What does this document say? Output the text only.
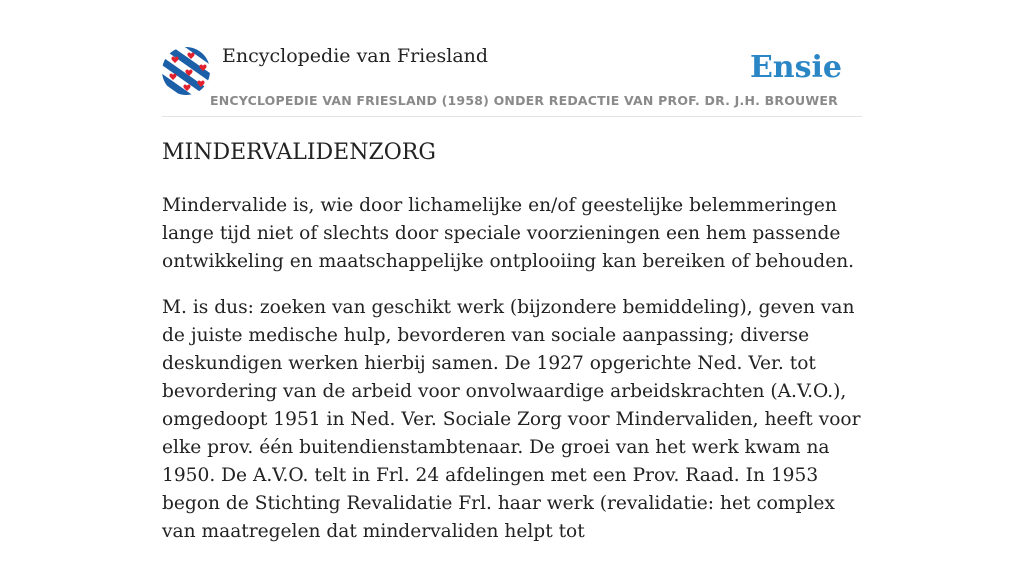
Encyclopedie van Friesland
ENCYCLOPEDIE VAN FRIESLAND (1958) ONDER REDACTIE VAN PROF. DR. J.H. BROUWER
Ensie
MINDERVALIDENZORG

Mindervalide is, wie door lichamelijke en/of geestelijke belemmeringen lange tijd niet of slechts door speciale voorzieningen een hem passende ontwikkeling en maatschappelijke ontplooiing kan bereiken of behouden.

M. is dus: zoeken van geschikt werk (bijzondere bemiddeling), geven van de juiste medische hulp, bevorderen van sociale aanpassing; diverse deskundigen werken hierbij samen. De 1927 opgerichte Ned. Ver. tot bevordering van de arbeid voor onvolwaardige arbeidskrachten (A.V.O.), omgedoopt 1951 in Ned. Ver. Sociale Zorg voor Mindervaliden, heeft voor elke prov. één buitendienstambtenaar. De groei van het werk kwam na 1950. De A.V.O. telt in Frl. 24 afdelingen met een Prov. Raad. In 1953 begon de Stichting Revalidatie Frl. haar werk (revalidatie: het complex van maatregelen dat mindervaliden helpt tot
